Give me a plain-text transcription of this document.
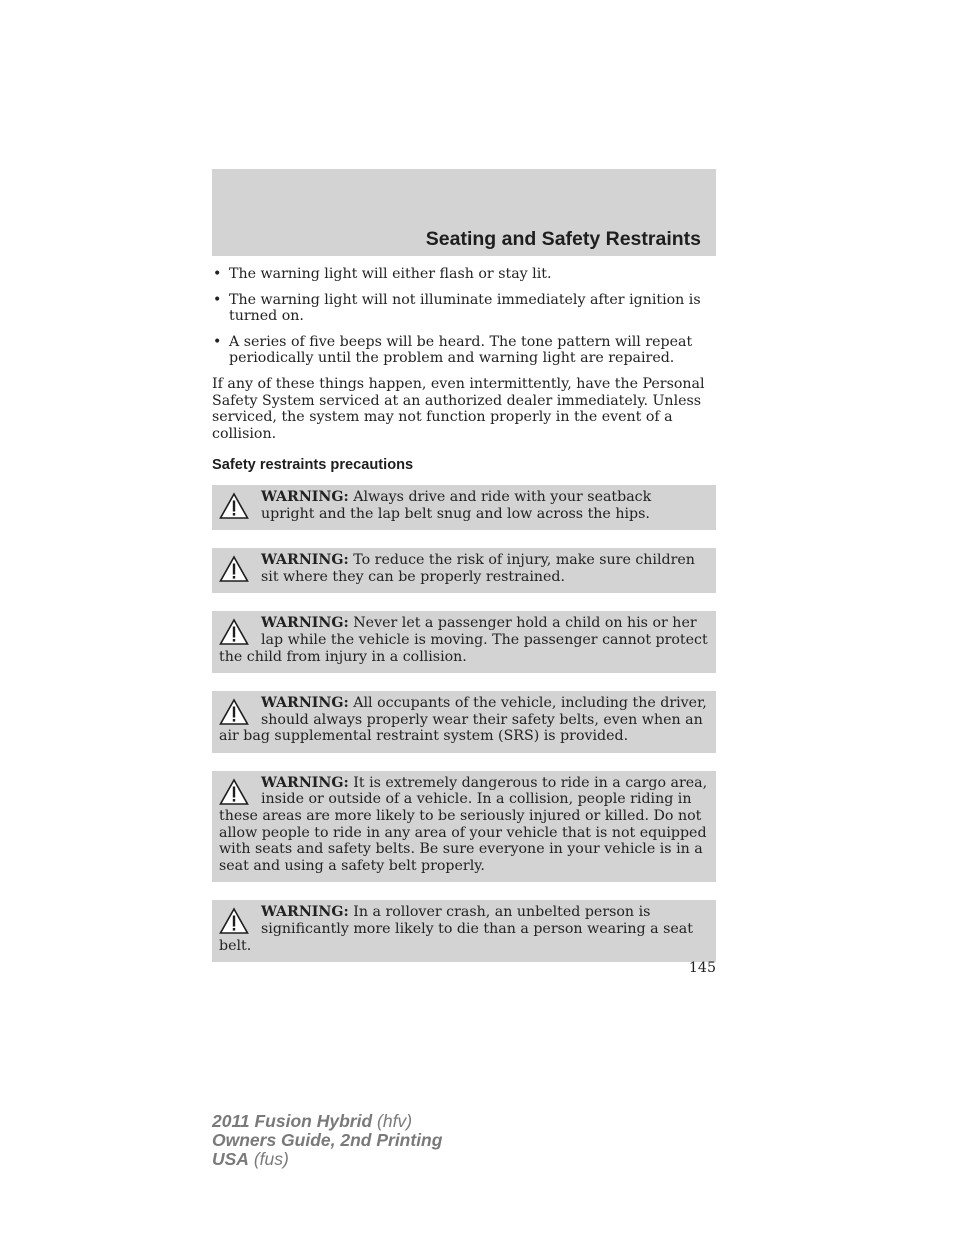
Seating and Safety Restraints
• The warning light will either flash or stay lit.
• The warning light will not illuminate immediately after ignition is turned on.
• A series of five beeps will be heard. The tone pattern will repeat periodically until the problem and warning light are repaired.

If any of these things happen, even intermittently, have the Personal Safety System serviced at an authorized dealer immediately. Unless serviced, the system may not function properly in the event of a collision.

Safety restraints precautions
WARNING: Always drive and ride with your seatback upright and the lap belt snug and low across the hips.
WARNING: To reduce the risk of injury, make sure children sit where they can be properly restrained.
WARNING: Never let a passenger hold a child on his or her lap while the vehicle is moving. The passenger cannot protect the child from injury in a collision.
WARNING: All occupants of the vehicle, including the driver, should always properly wear their safety belts, even when an air bag supplemental restraint system (SRS) is provided.
WARNING: It is extremely dangerous to ride in a cargo area, inside or outside of a vehicle. In a collision, people riding in these areas are more likely to be seriously injured or killed. Do not allow people to ride in any area of your vehicle that is not equipped with seats and safety belts. Be sure everyone in your vehicle is in a seat and using a safety belt properly.
WARNING: In a rollover crash, an unbelted person is significantly more likely to die than a person wearing a seat belt.
145
2011 Fusion Hybrid (hfv)
Owners Guide, 2nd Printing
USA (fus)
